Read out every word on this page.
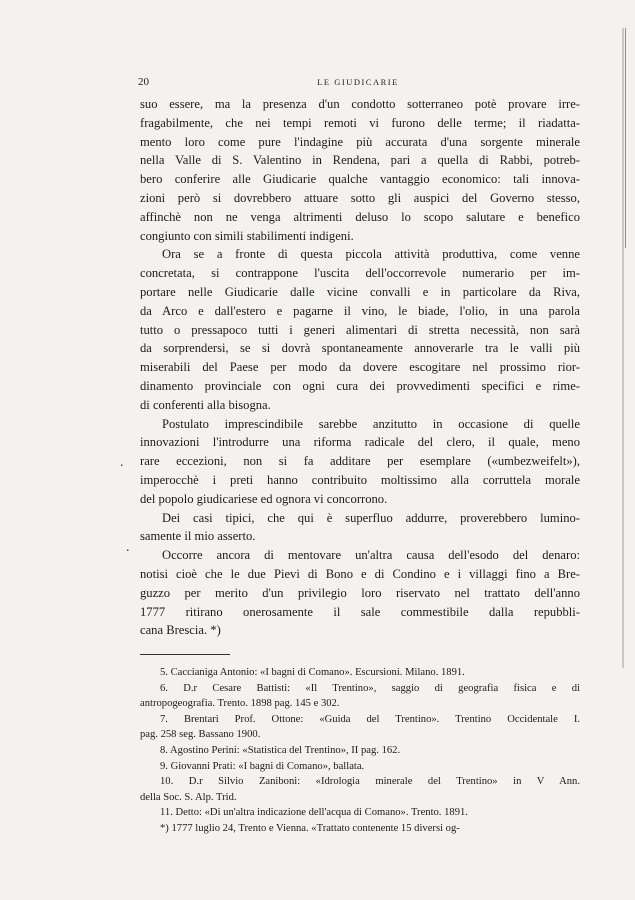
.
.
20	LE GIUDICARIE
suo essere, ma la presenza d'un condotto sotterraneo potè provare irre-
fragabilmente, che nei tempi remoti vi furono delle terme; il riadatta-
mento loro come pure l'indagine più accurata d'una sorgente minerale
nella Valle di S. Valentino in Rendena, pari a quella di Rabbi, potreb-
bero conferire alle Giudicarie qualche vantaggio economico: tali innova-
zioni però si dovrebbero attuare sotto gli auspici del Governo stesso,
affinchè non ne venga altrimenti deluso lo scopo salutare e benefico
congiunto con simili stabilimenti indigeni.
Ora se a fronte di questa piccola attività produttiva, come venne
concretata, si contrappone l'uscita dell'occorrevole numerario per im-
portare nelle Giudicarie dalle vicine convalli e in particolare da Riva,
da Arco e dall'estero e pagarne il vino, le biade, l'olio, in una parola
tutto o pressapoco tutti i generi alimentari di stretta necessità, non sarà
da sorprendersi, se si dovrà spontaneamente annoverarle tra le valli più
miserabili del Paese per modo da dovere escogitare nel prossimo rior-
dinamento provinciale con ogni cura dei provvedimenti specifici e rime-
di conferenti alla bisogna.
Postulato imprescindibile sarebbe anzitutto in occasione di quelle
innovazioni l'introdurre una riforma radicale del clero, il quale, meno
rare eccezioni, non si fa additare per esemplare («umbezweifelt»),
imperocchè i preti hanno contribuito moltissimo alla corruttela morale
del popolo giudicariese ed ognora vi concorrono.
Dei casi tipici, che qui è superfluo addurre, proverebbero lumino-
samente il mio asserto.
Occorre ancora di mentovare un'altra causa dell'esodo del denaro:
notisi cioè che le due Pievi di Bono e di Condino e i villaggi fino a Bre-
guzzo per merito d'un privilegio loro riservato nel trattato dell'anno
1777 ritirano onerosamente il sale commestibile dalla repubbli-
cana Brescia. *)
5. Caccianiga Antonio: «I bagni di Comano». Escursioni. Milano. 1891.
6. D.r Cesare Battisti: «Il Trentino», saggio di geografia fisica e di
antropogeografia. Trento. 1898 pag. 145 e 302.
7. Brentari Prof. Ottone: «Guida del Trentino». Trentino Occidentale I.
pag. 258 seg. Bassano 1900.
8. Agostino Perini: «Statistica del Trentino», II pag. 162.
9. Giovanni Prati: «I bagni di Comano», ballata.
10. D.r Silvio Zaniboni: «Idrologia minerale del Trentino» in V Ann.
della Soc. S. Alp. Trid.
11. Detto: «Di un'altra indicazione dell'acqua di Comano». Trento. 1891.
*) 1777 luglio 24, Trento e Vienna. «Trattato contenente 15 diversi og-
